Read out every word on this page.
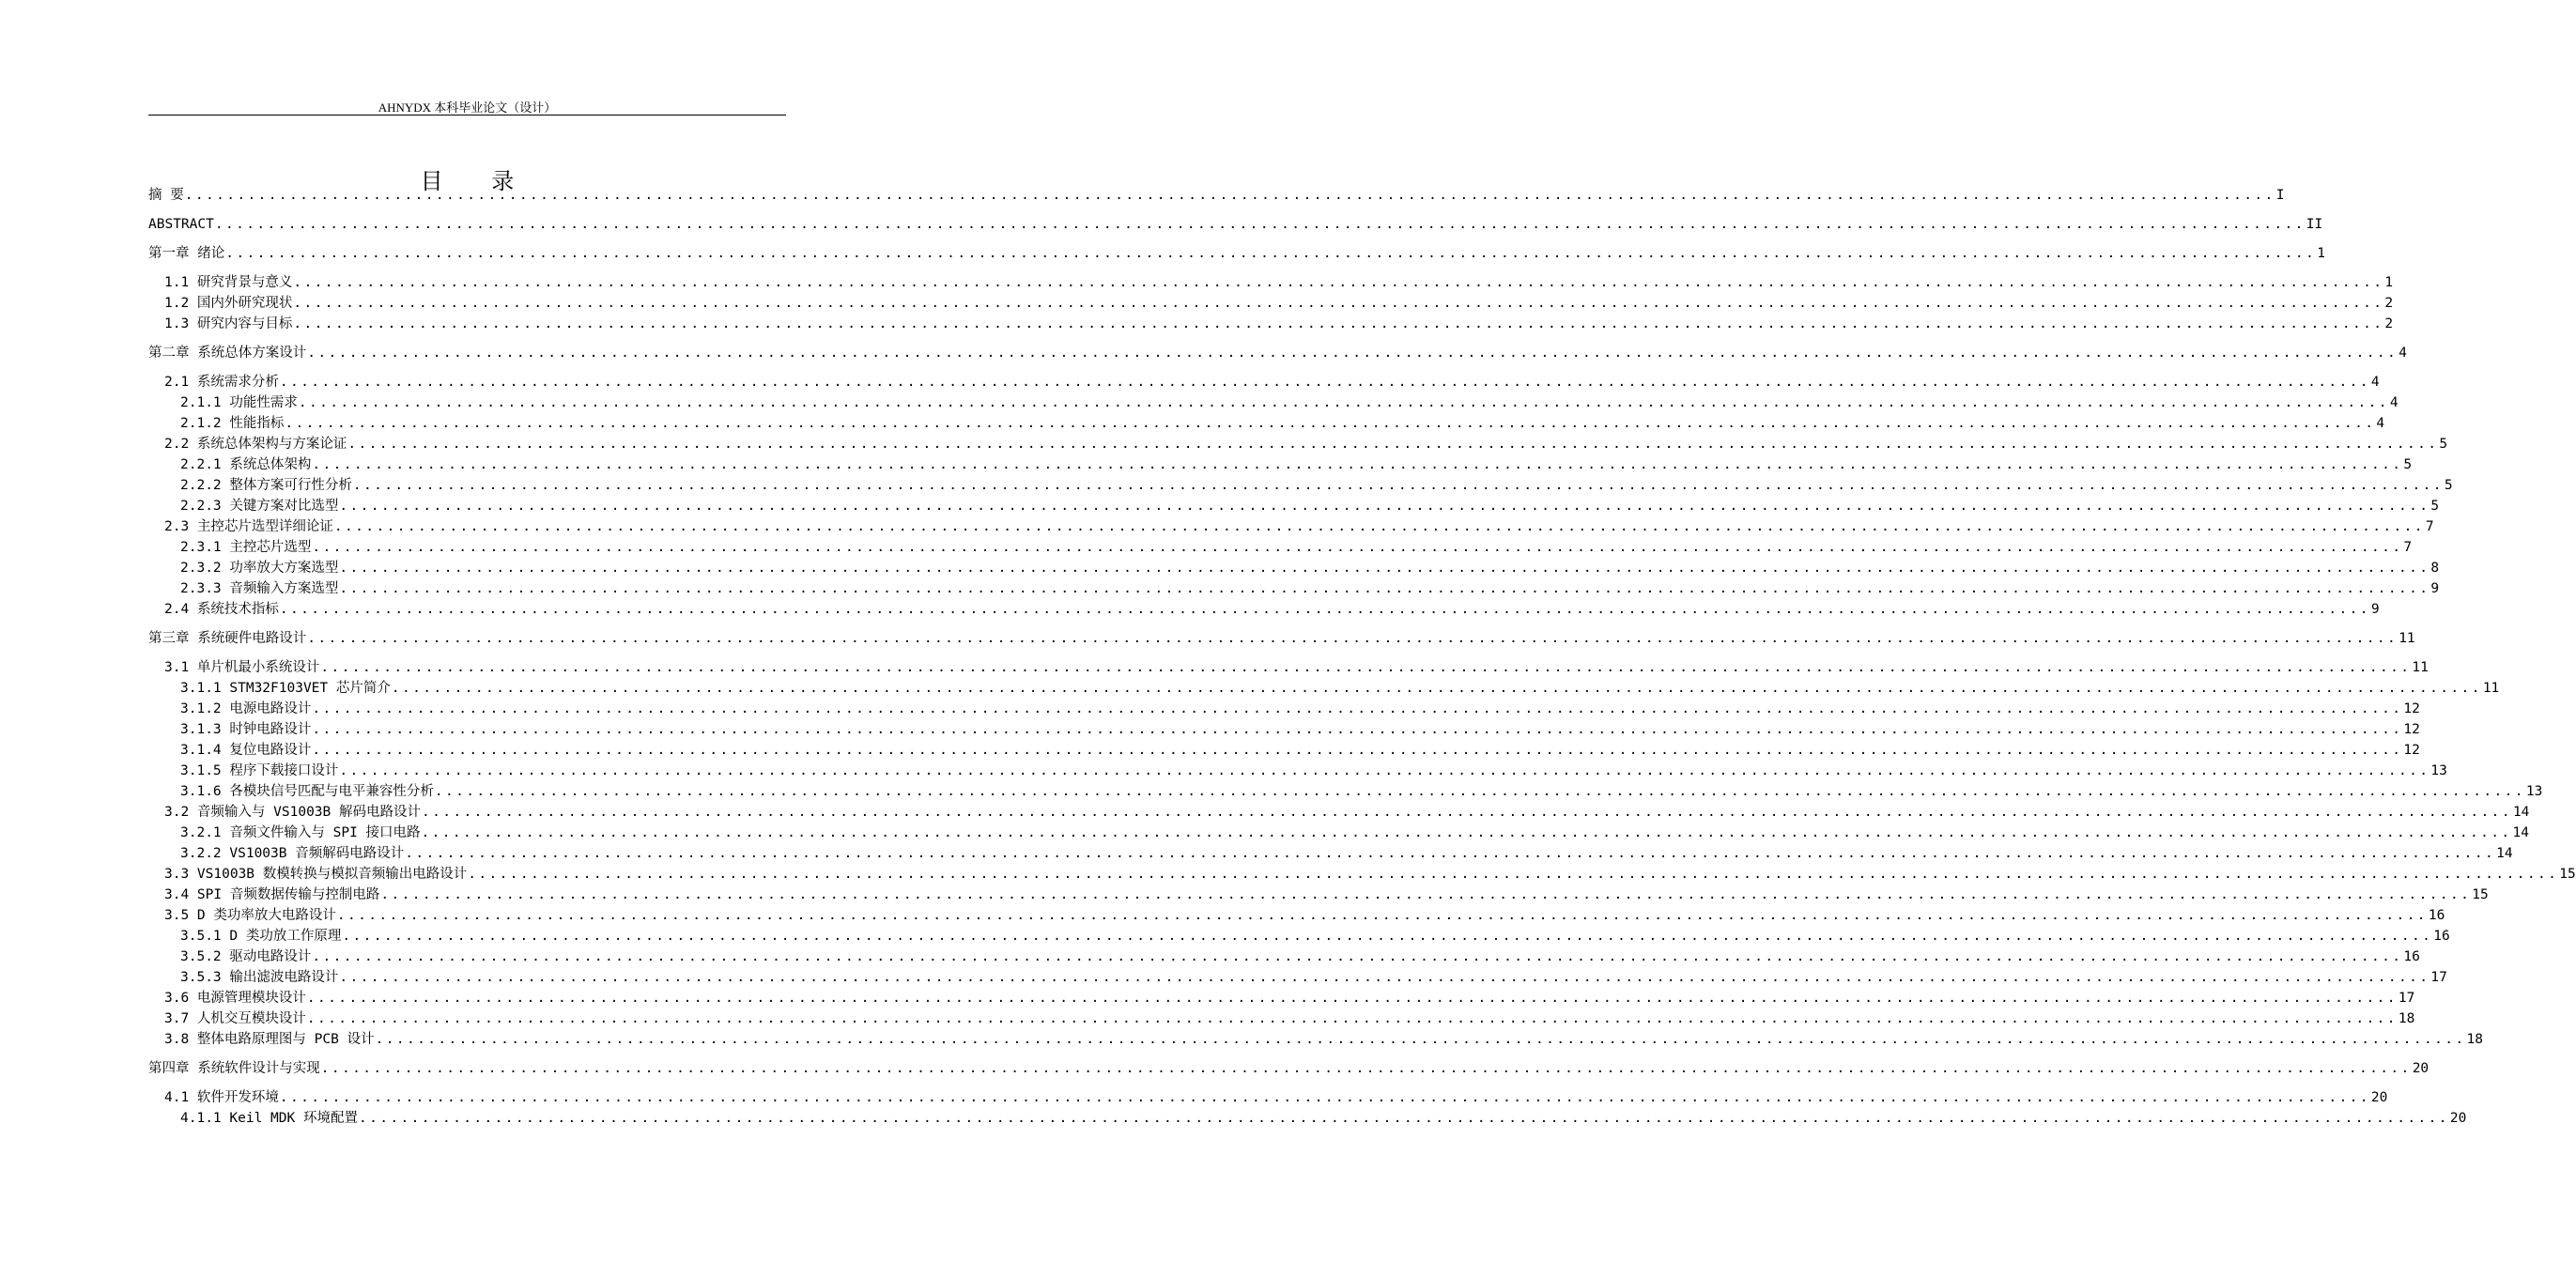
AHNYDX 本科毕业论文（设计）
目 录
摘 要 ........................................................................................................................................................................................................ I
ABSTRACT ........................................................................................................................................................................................................ II
第一章 绪论 ........................................................................................................................................................................................................ 1
1.1 研究背景与意义 ........................................................................................................................................................................................................ 1
1.2 国内外研究现状 ........................................................................................................................................................................................................ 2
1.3 研究内容与目标 ........................................................................................................................................................................................................ 2
第二章 系统总体方案设计 ........................................................................................................................................................................................................ 4
2.1 系统需求分析 ........................................................................................................................................................................................................ 4
2.1.1 功能性需求 ........................................................................................................................................................................................................ 4
2.1.2 性能指标 ........................................................................................................................................................................................................ 4
2.2 系统总体架构与方案论证 ........................................................................................................................................................................................................ 5
2.2.1 系统总体架构 ........................................................................................................................................................................................................ 5
2.2.2 整体方案可行性分析 ........................................................................................................................................................................................................ 5
2.2.3 关键方案对比选型 ........................................................................................................................................................................................................ 5
2.3 主控芯片选型详细论证 ........................................................................................................................................................................................................ 7
2.3.1 主控芯片选型 ........................................................................................................................................................................................................ 7
2.3.2 功率放大方案选型 ........................................................................................................................................................................................................ 8
2.3.3 音频输入方案选型 ........................................................................................................................................................................................................ 9
2.4 系统技术指标 ........................................................................................................................................................................................................ 9
第三章 系统硬件电路设计 ........................................................................................................................................................................................................ 11
3.1 单片机最小系统设计 ........................................................................................................................................................................................................ 11
3.1.1 STM32F103VET 芯片简介 ........................................................................................................................................................................................................ 11
3.1.2 电源电路设计 ........................................................................................................................................................................................................ 12
3.1.3 时钟电路设计 ........................................................................................................................................................................................................ 12
3.1.4 复位电路设计 ........................................................................................................................................................................................................ 12
3.1.5 程序下载接口设计 ........................................................................................................................................................................................................ 13
3.1.6 各模块信号匹配与电平兼容性分析 ........................................................................................................................................................................................................ 13
3.2 音频输入与 VS1003B 解码电路设计 ........................................................................................................................................................................................................ 14
3.2.1 音频文件输入与 SPI 接口电路 ........................................................................................................................................................................................................ 14
3.2.2 VS1003B 音频解码电路设计 ........................................................................................................................................................................................................ 14
3.3 VS1003B 数模转换与模拟音频输出电路设计 ........................................................................................................................................................................................................ 15
3.4 SPI 音频数据传输与控制电路 ........................................................................................................................................................................................................ 15
3.5 D 类功率放大电路设计 ........................................................................................................................................................................................................ 16
3.5.1 D 类功放工作原理 ........................................................................................................................................................................................................ 16
3.5.2 驱动电路设计 ........................................................................................................................................................................................................ 16
3.5.3 输出滤波电路设计 ........................................................................................................................................................................................................ 17
3.6 电源管理模块设计 ........................................................................................................................................................................................................ 17
3.7 人机交互模块设计 ........................................................................................................................................................................................................ 18
3.8 整体电路原理图与 PCB 设计 ........................................................................................................................................................................................................ 18
第四章 系统软件设计与实现 ........................................................................................................................................................................................................ 20
4.1 软件开发环境 ........................................................................................................................................................................................................ 20
4.1.1 Keil MDK 环境配置 ........................................................................................................................................................................................................ 20
